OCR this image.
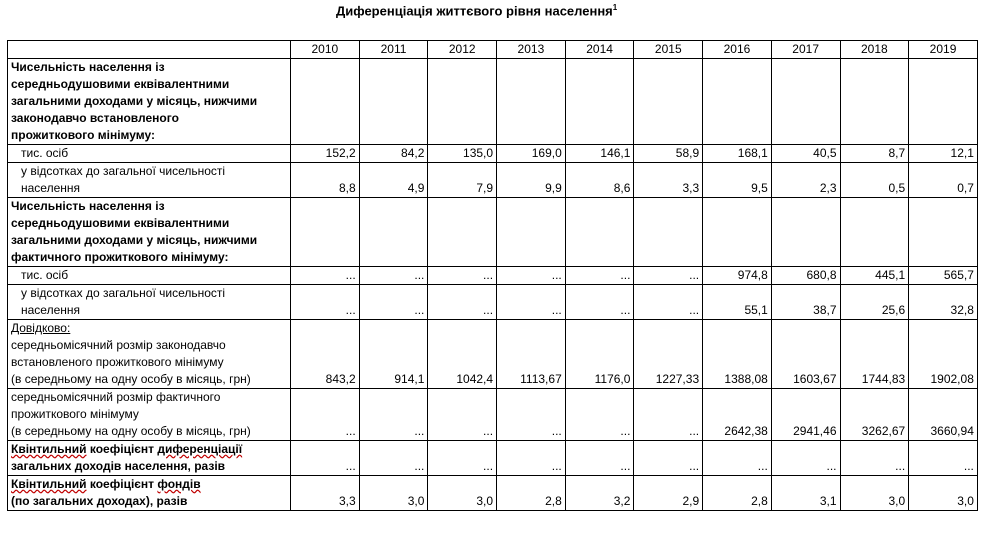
Диференціація життєвого рівня населення$^1$
	2010	2011	2012	2013	2014	2015	2016	2017	2018	2019

Чисельність населення із
середньодушовими еквівалентними
загальними доходами у місяць, нижчими
законодавчо встановленого
прожиткового мінімуму:										

тис. осіб	152,2	84,2	135,0	169,0	146,1	58,9	168,1	40,5	8,7	12,1

у відсотках до загальної чисельності
населення	8,8	4,9	7,9	9,9	8,6	3,3	9,5	2,3	0,5	0,7

Чисельність населення із
середньодушовими еквівалентними
загальними доходами у місяць, нижчими
фактичного прожиткового мінімуму:										

тис. осіб	...	...	...	...	...	...	974,8	680,8	445,1	565,7

у відсотках до загальної чисельності
населення	...	...	...	...	...	...	55,1	38,7	25,6	32,8

Довідково:
середньомісячний розмір законодавчо
встановленого прожиткового мінімуму
(в середньому на одну особу в місяць, грн)	843,2	914,1	1042,4	1113,67	1176,0	1227,33	1388,08	1603,67	1744,83	1902,08

середньомісячний розмір фактичного
прожиткового мінімуму
(в середньому на одну особу в місяць, грн)	...	...	...	...	...	...	2642,38	2941,46	3262,67	3660,94

Квінтильний коефіцієнт диференціації
загальних доходів населення, разів	...	...	...	...	...	...	...	...	...	...

Квінтильний коефіцієнт фондів
(по загальних доходах), разів	3,3	3,0	3,0	2,8	3,2	2,9	2,8	3,1	3,0	3,0
